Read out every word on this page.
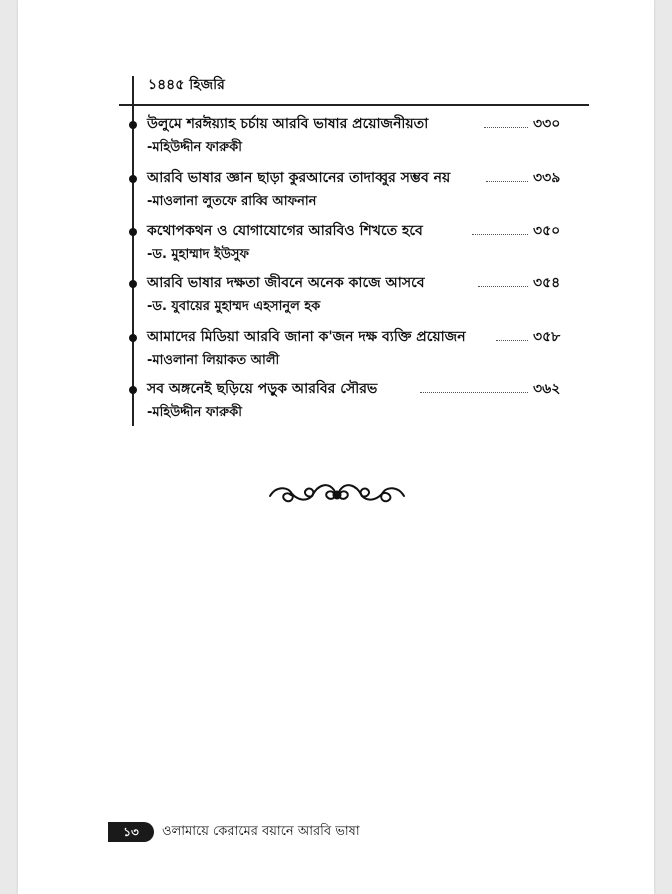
১৪৪৫ হিজরি
উলুমে শরঈয়্যাহ চর্চায় আরবি ভাষার প্রয়োজনীয়তা	৩৩০
-মহিউদ্দীন ফারুকী
আরবি ভাষার জ্ঞান ছাড়া কুরআনের তাদাব্বুর সম্ভব নয়	৩৩৯
-মাওলানা লুতফে রাব্বি আফনান
কথোপকথন ও যোগাযোগের আরবিও শিখতে হবে	৩৫০
-ড. মুহাম্মাদ ইউসুফ
আরবি ভাষার দক্ষতা জীবনে অনেক কাজে আসবে	৩৫৪
-ড. যুবায়ের মুহাম্মদ এহসানুল হক
আমাদের মিডিয়া আরবি জানা ক'জন দক্ষ ব্যক্তি প্রয়োজন	৩৫৮
-মাওলানা লিয়াকত আলী
সব অঙ্গনেই ছড়িয়ে পড়ুক আরবির সৌরভ	৩৬২
-মহিউদ্দীন ফারুকী
১৩	ওলামায়ে কেরামের বয়ানে আরবি ভাষা
